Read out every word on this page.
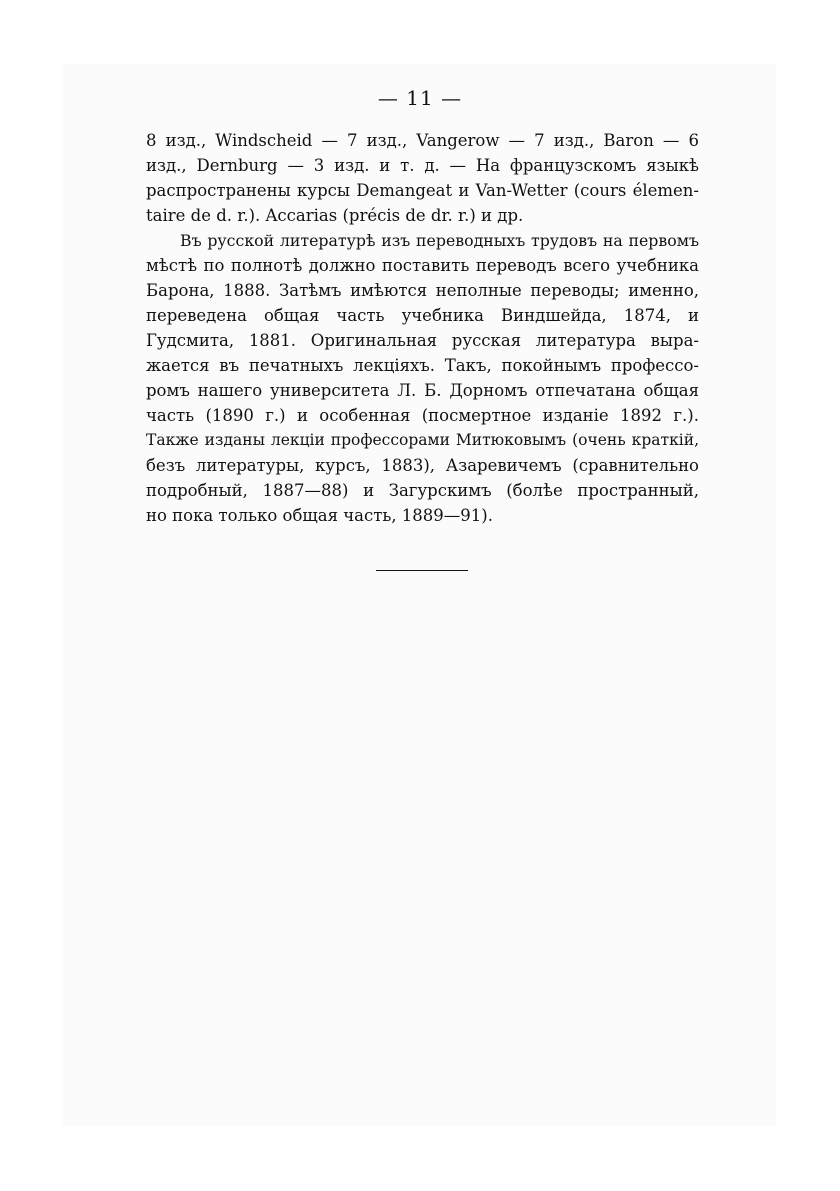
— 11 —
8 изд., Windscheid — 7 изд., Vangerow — 7 изд., Baron — 6
изд., Dernburg — 3 изд. и т. д. — На французскомъ языкѣ
распространены курсы Demangeat и Van-Wetter (cours élemen-
taire de d. r.). Accarias (précis de dr. r.) и др.
Въ русской литературѣ изъ переводныхъ трудовъ на первомъ
мѣстѣ по полнотѣ должно поставить переводъ всего учебника
Барона, 1888. Затѣмъ имѣются неполные переводы; именно,
переведена общая часть учебника Виндшейда, 1874, и
Гудсмита, 1881. Оригинальная русская литература выра-
жается въ печатныхъ лекціяхъ. Такъ, покойнымъ профессо-
ромъ нашего университета Л. Б. Дорномъ отпечатана общая
часть (1890 г.) и особенная (посмертное изданіе 1892 г.).
Также изданы лекціи профессорами Митюковымъ (очень краткій,
безъ литературы, курсъ, 1883), Азаревичемъ (сравнительно
подробный, 1887—88) и Загурскимъ (болѣе пространный,
но пока только общая часть, 1889—91).
